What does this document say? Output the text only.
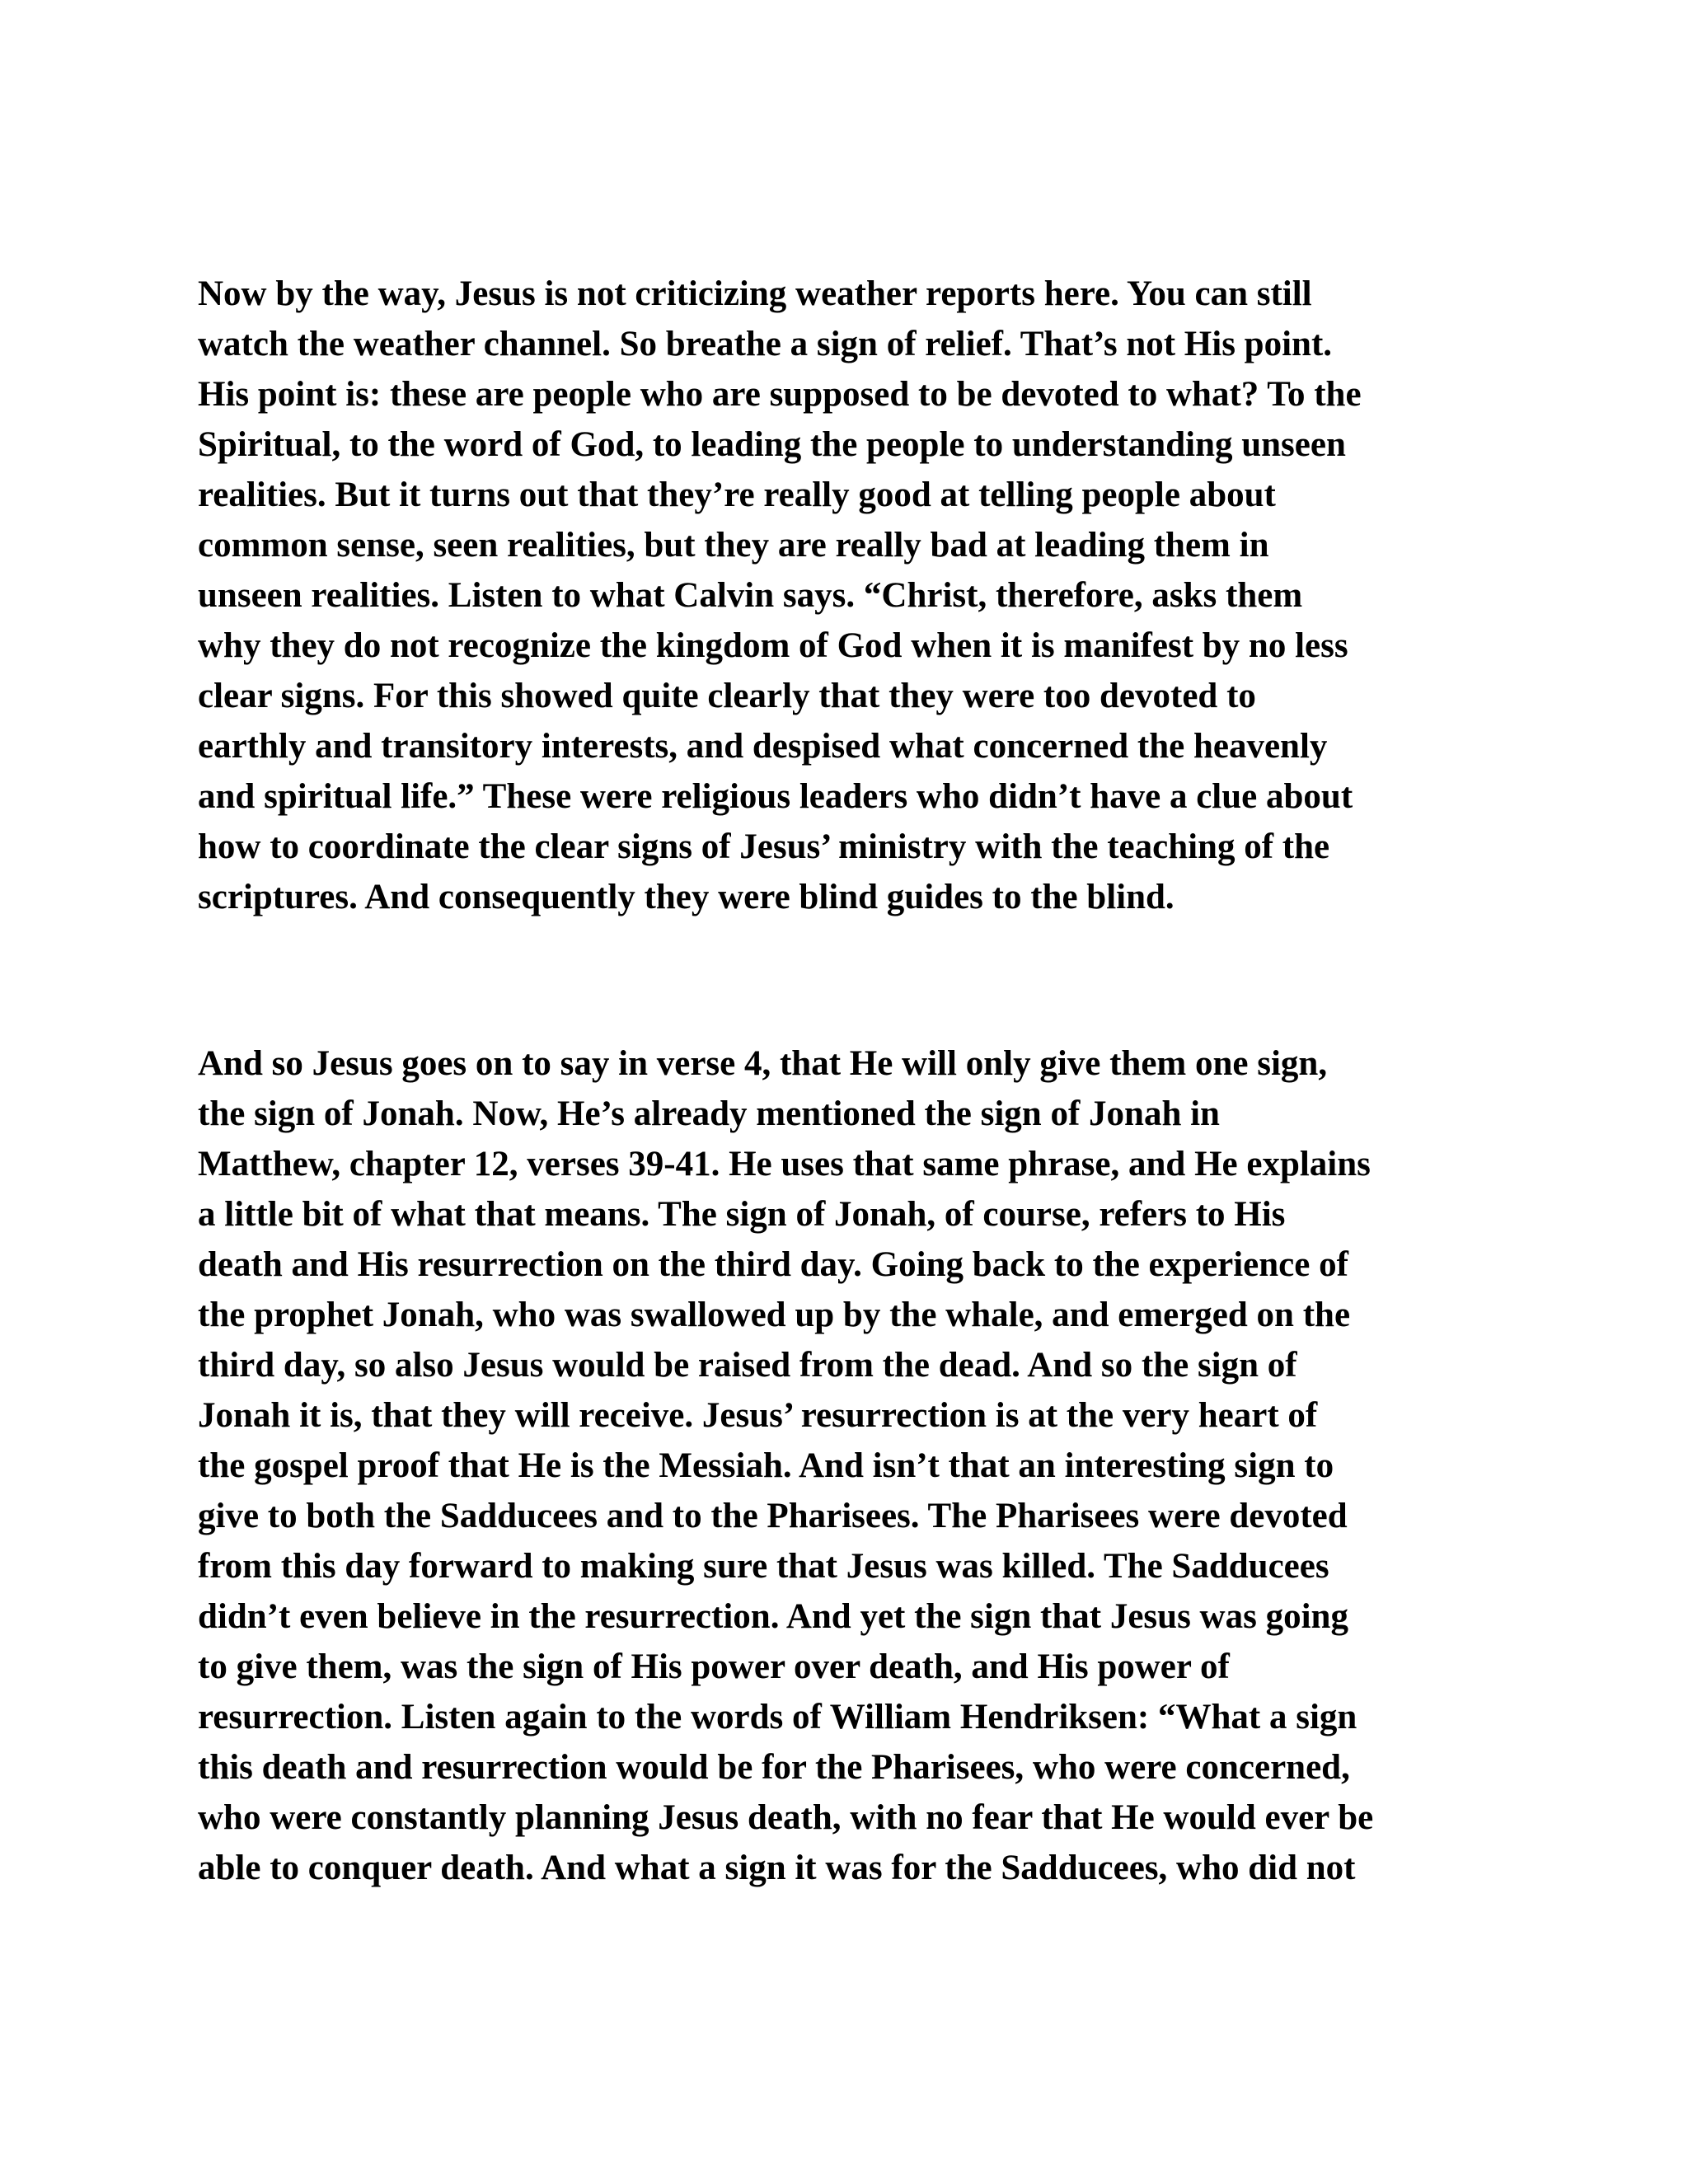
Now by the way, Jesus is not criticizing weather reports here. You can still
watch the weather channel. So breathe a sign of relief. That’s not His point.
His point is: these are people who are supposed to be devoted to what? To the
Spiritual, to the word of God, to leading the people to understanding unseen
realities. But it turns out that they’re really good at telling people about
common sense, seen realities, but they are really bad at leading them in
unseen realities. Listen to what Calvin says. “Christ, therefore, asks them
why they do not recognize the kingdom of God when it is manifest by no less
clear signs. For this showed quite clearly that they were too devoted to
earthly and transitory interests, and despised what concerned the heavenly
and spiritual life.” These were religious leaders who didn’t have a clue about
how to coordinate the clear signs of Jesus’ ministry with the teaching of the
scriptures. And consequently they were blind guides to the blind.

And so Jesus goes on to say in verse 4, that He will only give them one sign,
the sign of Jonah. Now, He’s already mentioned the sign of Jonah in
Matthew, chapter 12, verses 39-41. He uses that same phrase, and He explains
a little bit of what that means. The sign of Jonah, of course, refers to His
death and His resurrection on the third day. Going back to the experience of
the prophet Jonah, who was swallowed up by the whale, and emerged on the
third day, so also Jesus would be raised from the dead. And so the sign of
Jonah it is, that they will receive. Jesus’ resurrection is at the very heart of
the gospel proof that He is the Messiah. And isn’t that an interesting sign to
give to both the Sadducees and to the Pharisees. The Pharisees were devoted
from this day forward to making sure that Jesus was killed. The Sadducees
didn’t even believe in the resurrection. And yet the sign that Jesus was going
to give them, was the sign of His power over death, and His power of
resurrection. Listen again to the words of William Hendriksen: “What a sign
this death and resurrection would be for the Pharisees, who were concerned,
who were constantly planning Jesus death, with no fear that He would ever be
able to conquer death. And what a sign it was for the Sadducees, who did not
